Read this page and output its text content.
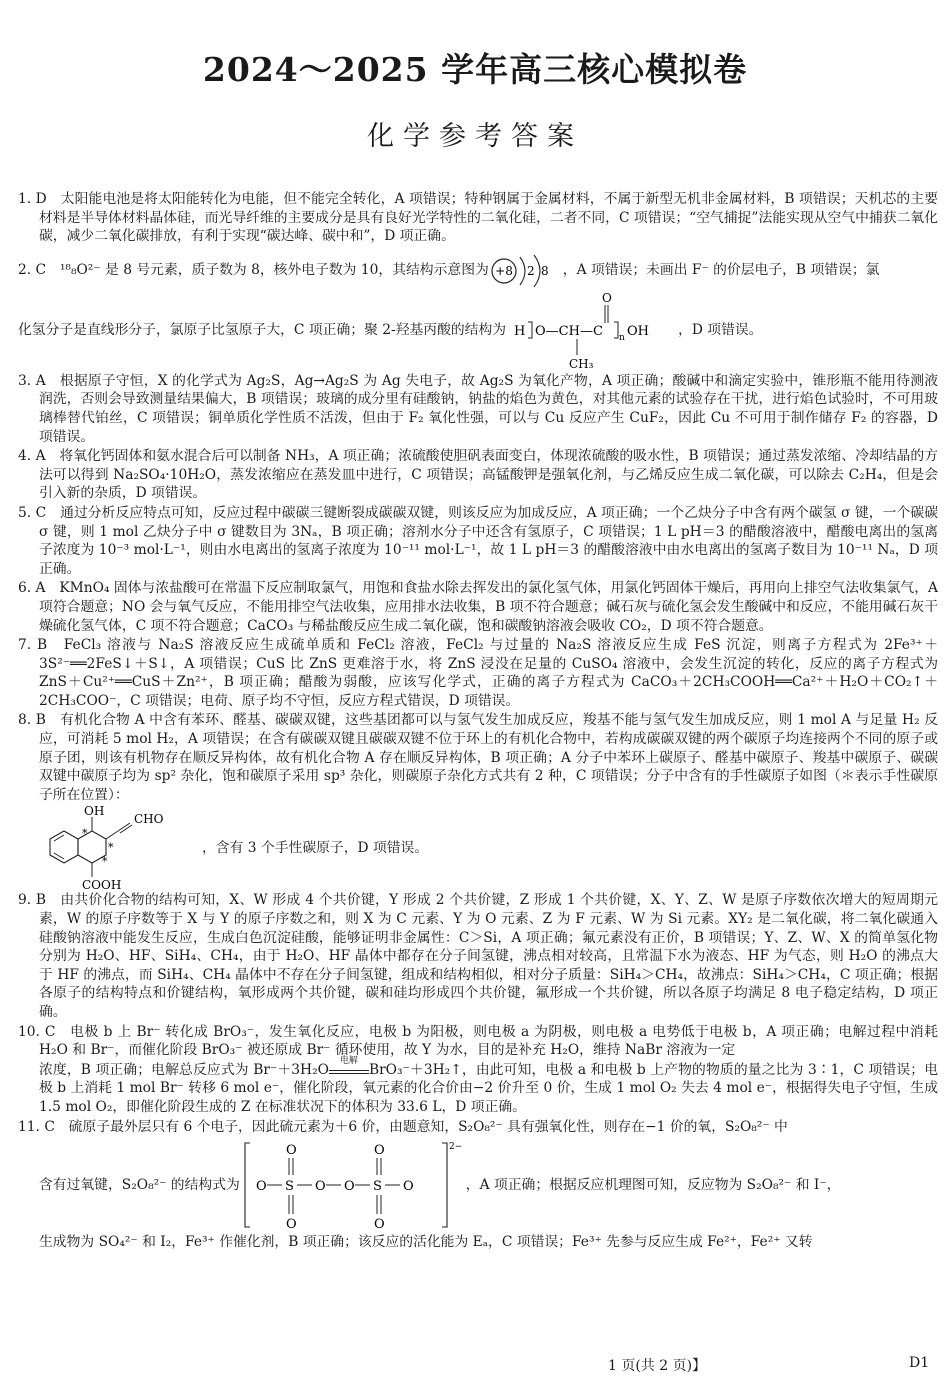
2024～2025 学年高三核心模拟卷
化学参考答案

1. D　太阳能电池是将太阳能转化为电能，但不能完全转化，A 项错误；特种钢属于金属材料，不属于新型无机非金属材料，B 项错误；天机芯的主要材料是半导体材料晶体硅，而光导纤维的主要成分是具有良好光学特性的二氧化硅，二者不同，C 项错误；“空气捕捉”法能实现从空气中捕获二氧化碳，减少二氧化碳排放，有利于实现“碳达峰、碳中和”，D 项正确。

2. C　¹⁸₈O²⁻ 是 8 号元素，质子数为 8，核外电子数为 10，其结构示意图为 +8 2 8 ，A 项错误；未画出 F⁻ 的价层电子，B 项错误；氯
化氢分子是直线形分子，氯原子比氢原子大，C 项正确；聚 2-羟基丙酸的结构为 H O—CH—C n OH
O
CH₃
，D 项错误。

3. A　根据原子守恒，X 的化学式为 Ag₂S，Ag→Ag₂S 为 Ag 失电子，故 Ag₂S 为氧化产物，A 项正确；酸碱中和滴定实验中，锥形瓶不能用待测液润洗，否则会导致测量结果偏大，B 项错误；玻璃的成分里有硅酸钠，钠盐的焰色为黄色，对其他元素的试验存在干扰，进行焰色试验时，不可用玻璃棒替代铂丝，C 项错误；铜单质化学性质不活泼，但由于 F₂ 氧化性强，可以与 Cu 反应产生 CuF₂，因此 Cu 不可用于制作储存 F₂ 的容器，D 项错误。

4. A　将氧化钙固体和氨水混合后可以制备 NH₃，A 项正确；浓硫酸使胆矾表面变白，体现浓硫酸的吸水性，B 项错误；通过蒸发浓缩、冷却结晶的方法可以得到 Na₂SO₄·10H₂O，蒸发浓缩应在蒸发皿中进行，C 项错误；高锰酸钾是强氧化剂，与乙烯反应生成二氧化碳，可以除去 C₂H₄，但是会引入新的杂质，D 项错误。

5. C　通过分析反应特点可知，反应过程中碳碳三键断裂成碳碳双键，则该反应为加成反应，A 项正确；一个乙炔分子中含有两个碳氢 σ 键，一个碳碳 σ 键，则 1 mol 乙炔分子中 σ 键数目为 3Nₐ，B 项正确；溶剂水分子中还含有氢原子，C 项错误；1 L pH＝3 的醋酸溶液中，醋酸电离出的氢离子浓度为 10⁻³ mol·L⁻¹，则由水电离出的氢离子浓度为 10⁻¹¹ mol·L⁻¹，故 1 L pH＝3 的醋酸溶液中由水电离出的氢离子数目为 10⁻¹¹ Nₐ，D 项正确。

6. A　KMnO₄ 固体与浓盐酸可在常温下反应制取氯气，用饱和食盐水除去挥发出的氯化氢气体，用氯化钙固体干燥后，再用向上排空气法收集氯气，A 项符合题意；NO 会与氧气反应，不能用排空气法收集，应用排水法收集，B 项不符合题意；碱石灰与硫化氢会发生酸碱中和反应，不能用碱石灰干燥硫化氢气体，C 项不符合题意；CaCO₃ 与稀盐酸反应生成二氧化碳，饱和碳酸钠溶液会吸收 CO₂，D 项不符合题意。

7. B　FeCl₃ 溶液与 Na₂S 溶液反应生成硫单质和 FeCl₂ 溶液，FeCl₂ 与过量的 Na₂S 溶液反应生成 FeS 沉淀，则离子方程式为 2Fe³⁺＋3S²⁻══2FeS↓＋S↓，A 项错误；CuS 比 ZnS 更难溶于水，将 ZnS 浸没在足量的 CuSO₄ 溶液中，会发生沉淀的转化，反应的离子方程式为 ZnS＋Cu²⁺══CuS＋Zn²⁺，B 项正确；醋酸为弱酸，应该写化学式，正确的离子方程式为 CaCO₃＋2CH₃COOH══Ca²⁺＋H₂O＋CO₂↑＋2CH₃COO⁻，C 项错误；电荷、原子均不守恒，反应方程式错误，D 项错误。

8. B　有机化合物 A 中含有苯环、醛基、碳碳双键，这些基团都可以与氢气发生加成反应，羧基不能与氢气发生加成反应，则 1 mol A 与足量 H₂ 反应，可消耗 5 mol H₂，A 项错误；在含有碳碳双键且碳碳双键不位于环上的有机化合物中，若构成碳碳双键的两个碳原子均连接两个不同的原子或原子团，则该有机物存在顺反异构体，故有机化合物 A 存在顺反异构体，B 项正确；A 分子中苯环上碳原子、醛基中碳原子、羧基中碳原子、碳碳双键中碳原子均为 sp² 杂化，饱和碳原子采用 sp³ 杂化，则碳原子杂化方式共有 2 种，C 项错误；分子中含有的手性碳原子如图（＊表示手性碳原子所在位置）：

OH
CHO
COOH
*
*
*
，含有 3 个手性碳原子，D 项错误。

9. B　由共价化合物的结构可知，X、W 形成 4 个共价键，Y 形成 2 个共价键，Z 形成 1 个共价键，X、Y、Z、W 是原子序数依次增大的短周期元素，W 的原子序数等于 X 与 Y 的原子序数之和，则 X 为 C 元素、Y 为 O 元素、Z 为 F 元素、W 为 Si 元素。XY₂ 是二氧化碳，将二氧化碳通入硅酸钠溶液中能发生反应，生成白色沉淀硅酸，能够证明非金属性：C＞Si，A 项正确；氟元素没有正价，B 项错误；Y、Z、W、X 的简单氢化物分别为 H₂O、HF、SiH₄、CH₄，由于 H₂O、HF 晶体中都存在分子间氢键，沸点相对较高，且常温下水为液态、HF 为气态，则 H₂O 的沸点大于 HF 的沸点，而 SiH₄、CH₄ 晶体中不存在分子间氢键，组成和结构相似，相对分子质量：SiH₄＞CH₄，故沸点：SiH₄＞CH₄，C 项正确；根据各原子的结构特点和价键结构，氧形成两个共价键，碳和硅均形成四个共价键，氟形成一个共价键，所以各原子均满足 8 电子稳定结构，D 项正确。

10. C　电极 b 上 Br⁻ 转化成 BrO₃⁻，发生氧化反应，电极 b 为阳极，则电极 a 为阴极，则电极 a 电势低于电极 b，A 项正确；电解过程中消耗 H₂O 和 Br⁻，而催化阶段 BrO₃⁻ 被还原成 Br⁻ 循环使用，故 Y 为水，目的是补充 H₂O，维持 NaBr 溶液为一定

浓度，B 项正确；电解总反应式为 Br⁻＋3H₂O
电解
BrO₃⁻＋3H₂↑，由此可知，电极 a 和电极 b 上产物的物质的量之比为 3∶1，C 项错误；电极 b 上消耗 1 mol Br⁻ 转移 6 mol e⁻，催化阶段，氧元素的化合价由−2 价升至 0 价，生成 1 mol O₂ 失去 4 mol e⁻，根据得失电子守恒，生成 1.5 mol O₂，即催化阶段生成的 Z 在标准状况下的体积为 33.6 L，D 项正确。

11. C　硫原子最外层只有 6 个电子，因此硫元素为＋6 价，由题意知，S₂O₈²⁻ 具有强氧化性，则存在−1 价的氧，S₂O₈²⁻ 中

含有过氧键，S₂O₈²⁻ 的结构式为
2−
O S
O
O
O O S
O
O
O	，A 项正确；根据反应机理图可知，反应物为 S₂O₈²⁻ 和 I⁻，

生成物为 SO₄²⁻ 和 I₂，Fe³⁺ 作催化剂，B 项正确；该反应的活化能为 Eₐ，C 项错误；Fe³⁺ 先参与反应生成 Fe²⁺，Fe²⁺ 又转

1 页(共 2 页)】	D1
